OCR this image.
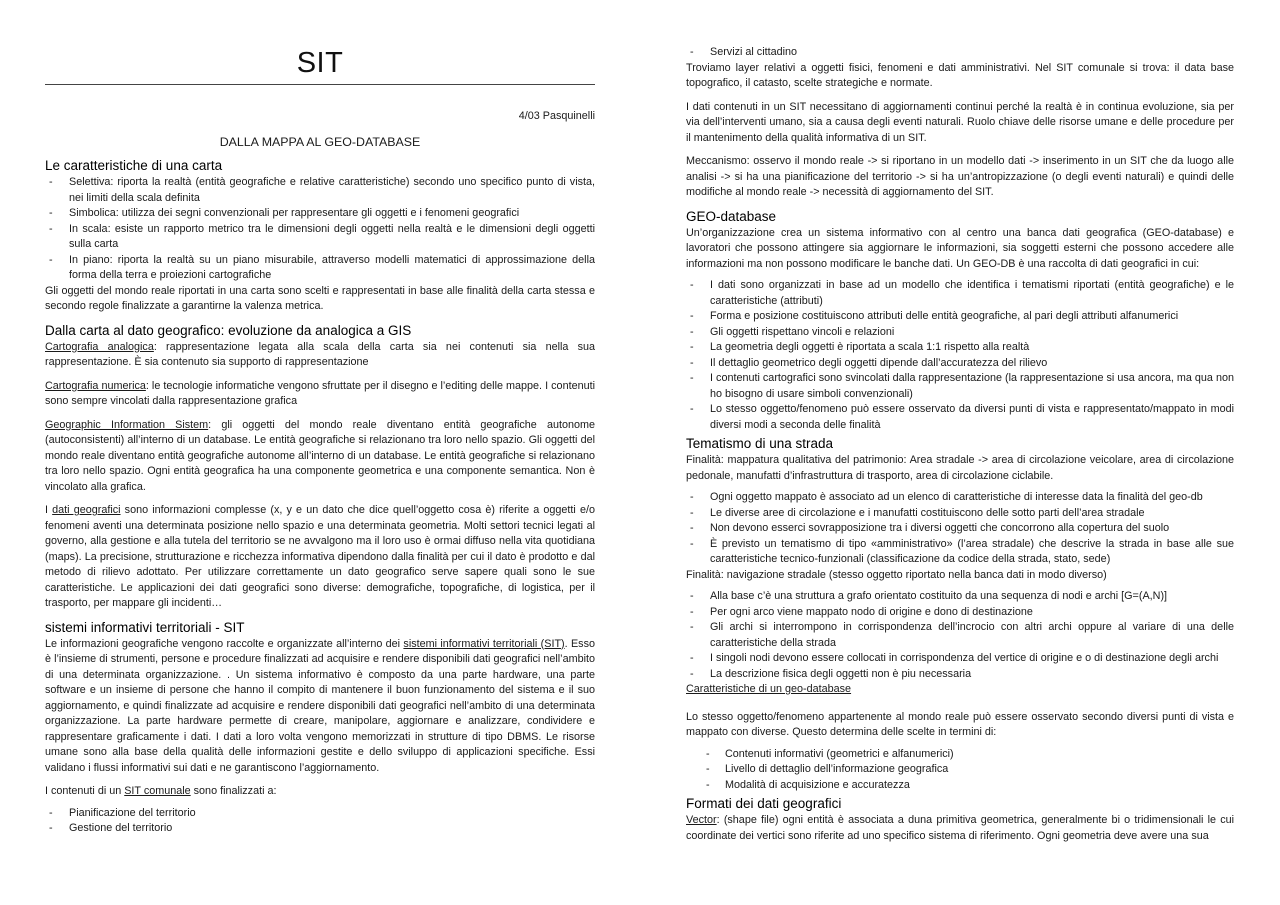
SIT
4/03 Pasquinelli
DALLA MAPPA AL GEO-DATABASE
Le caratteristiche di una carta
- Selettiva: riporta la realtà (entità geografiche e relative caratteristiche) secondo uno specifico punto di vista, nei limiti della scala definita
- Simbolica: utilizza dei segni convenzionali per rappresentare gli oggetti e i fenomeni geografici
- In scala: esiste un rapporto metrico tra le dimensioni degli oggetti nella realtà e le dimensioni degli oggetti sulla carta
- In piano: riporta la realtà su un piano misurabile, attraverso modelli matematici di approssimazione della forma della terra e proiezioni cartografiche

Gli oggetti del mondo reale riportati in una carta sono scelti e rappresentati in base alle finalità della carta stessa e secondo regole finalizzate a garantirne la valenza metrica.

Dalla carta al dato geografico: evoluzione da analogica a GIS

Cartografia analogica: rappresentazione legata alla scala della carta sia nei contenuti sia nella sua rappresentazione. È sia contenuto sia supporto di rappresentazione

Cartografia numerica: le tecnologie informatiche vengono sfruttate per il disegno e l’editing delle mappe. I contenuti sono sempre vincolati dalla rappresentazione grafica

Geographic Information Sistem: gli oggetti del mondo reale diventano entità geografiche autonome (autoconsistenti) all’interno di un database. Le entità geografiche si relazionano tra loro nello spazio. Gli oggetti del mondo reale diventano entità geografiche autonome all’interno di un database. Le entità geografiche si relazionano tra loro nello spazio. Ogni entità geografica ha una componente geometrica e una componente semantica. Non è vincolato alla grafica.

I dati geografici sono informazioni complesse (x, y e un dato che dice quell’oggetto cosa è) riferite a oggetti e/o fenomeni aventi una determinata posizione nello spazio e una determinata geometria. Molti settori tecnici legati al governo, alla gestione e alla tutela del territorio se ne avvalgono ma il loro uso è ormai diffuso nella vita quotidiana (maps). La precisione, strutturazione e ricchezza informativa dipendono dalla finalità per cui il dato è prodotto e dal metodo di rilievo adottato. Per utilizzare correttamente un dato geografico serve sapere quali sono le sue caratteristiche. Le applicazioni dei dati geografici sono diverse: demografiche, topografiche, di logistica, per il trasporto, per mappare gli incidenti…

sistemi informativi territoriali - SIT

Le informazioni geografiche vengono raccolte e organizzate all’interno dei sistemi informativi territoriali (SIT). Esso è l’insieme di strumenti, persone e procedure finalizzati ad acquisire e rendere disponibili dati geografici nell’ambito di una determinata organizzazione. . Un sistema informativo è composto da una parte hardware, una parte software e un insieme di persone che hanno il compito di mantenere il buon funzionamento del sistema e il suo aggiornamento, e quindi finalizzate ad acquisire e rendere disponibili dati geografici nell’ambito di una determinata organizzazione. La parte hardware permette di creare, manipolare, aggiornare e analizzare, condividere e rappresentare graficamente i dati. I dati a loro volta vengono memorizzati in strutture di tipo DBMS. Le risorse umane sono alla base della qualità delle informazioni gestite e dello sviluppo di applicazioni specifiche. Essi validano i flussi informativi sui dati e ne garantiscono l’aggiornamento.

I contenuti di un SIT comunale sono finalizzati a:

- Pianificazione del territorio
- Gestione del territorio
- Servizi al cittadino

Troviamo layer relativi a oggetti fisici, fenomeni e dati amministrativi. Nel SIT comunale si trova: il data base topografico, il catasto, scelte strategiche e normate.

I dati contenuti in un SIT necessitano di aggiornamenti continui perché la realtà è in continua evoluzione, sia per via dell’interventi umano, sia a causa degli eventi naturali. Ruolo chiave delle risorse umane e delle procedure per il mantenimento della qualità informativa di un SIT.

Meccanismo: osservo il mondo reale -> si riportano in un modello dati -> inserimento in un SIT che da luogo alle analisi -> si ha una pianificazione del territorio -> si ha un’antropizzazione (o degli eventi naturali) e quindi delle modifiche al mondo reale -> necessità di aggiornamento del SIT.

GEO-database

Un’organizzazione crea un sistema informativo con al centro una banca dati geografica (GEO-database) e lavoratori che possono attingere sia aggiornare le informazioni, sia soggetti esterni che possono accedere alle informazioni ma non possono modificare le banche dati. Un GEO-DB è una raccolta di dati geografici in cui:

- I dati sono organizzati in base ad un modello che identifica i tematismi riportati (entità geografiche) e le caratteristiche (attributi)
- Forma e posizione costituiscono attributi delle entità geografiche, al pari degli attributi alfanumerici
- Gli oggetti rispettano vincoli e relazioni
- La geometria degli oggetti è riportata a scala 1:1 rispetto alla realtà
- Il dettaglio geometrico degli oggetti dipende dall’accuratezza del rilievo
- I contenuti cartografici sono svincolati dalla rappresentazione (la rappresentazione si usa ancora, ma qua non ho bisogno di usare simboli convenzionali)
- Lo stesso oggetto/fenomeno può essere osservato da diversi punti di vista e rappresentato/mappato in modi diversi modi a seconda delle finalità
Tematismo di una strada

Finalità: mappatura qualitativa del patrimonio: Area stradale -> area di circolazione veicolare, area di circolazione pedonale, manufatti d’infrastruttura di trasporto, area di circolazione ciclabile.

- Ogni oggetto mappato è associato ad un elenco di caratteristiche di interesse data la finalità del geo-db
- Le diverse aree di circolazione e i manufatti costituiscono delle sotto parti dell’area stradale
- Non devono esserci sovrapposizione tra i diversi oggetti che concorrono alla copertura del suolo
- È previsto un tematismo di tipo «amministrativo» (l’area stradale) che descrive la strada in base alle sue caratteristiche tecnico-funzionali (classificazione da codice della strada, stato, sede)

Finalità: navigazione stradale (stesso oggetto riportato nella banca dati in modo diverso)

- Alla base c’è una struttura a grafo orientato costituito da una sequenza di nodi e archi [G=(A,N)]
- Per ogni arco viene mappato nodo di origine e dono di destinazione
- Gli archi si interrompono in corrispondenza dell’incrocio con altri archi oppure al variare di una delle caratteristiche della strada
- I singoli nodi devono essere collocati in corrispondenza del vertice di origine e o di destinazione degli archi
- La descrizione fisica degli oggetti non è piu necessaria

Caratteristiche di un geo-database

Lo stesso oggetto/fenomeno appartenente al mondo reale può essere osservato secondo diversi punti di vista e mappato con diverse. Questo determina delle scelte in termini di:

- Contenuti informativi (geometrici e alfanumerici)
- Livello di dettaglio dell’informazione geografica
- Modalità di acquisizione e accuratezza
Formati dei dati geografici

Vector: (shape file) ogni entità è associata a duna primitiva geometrica, generalmente bi o tridimensionali le cui coordinate dei vertici sono riferite ad uno specifico sistema di riferimento. Ogni geometria deve avere una sua
